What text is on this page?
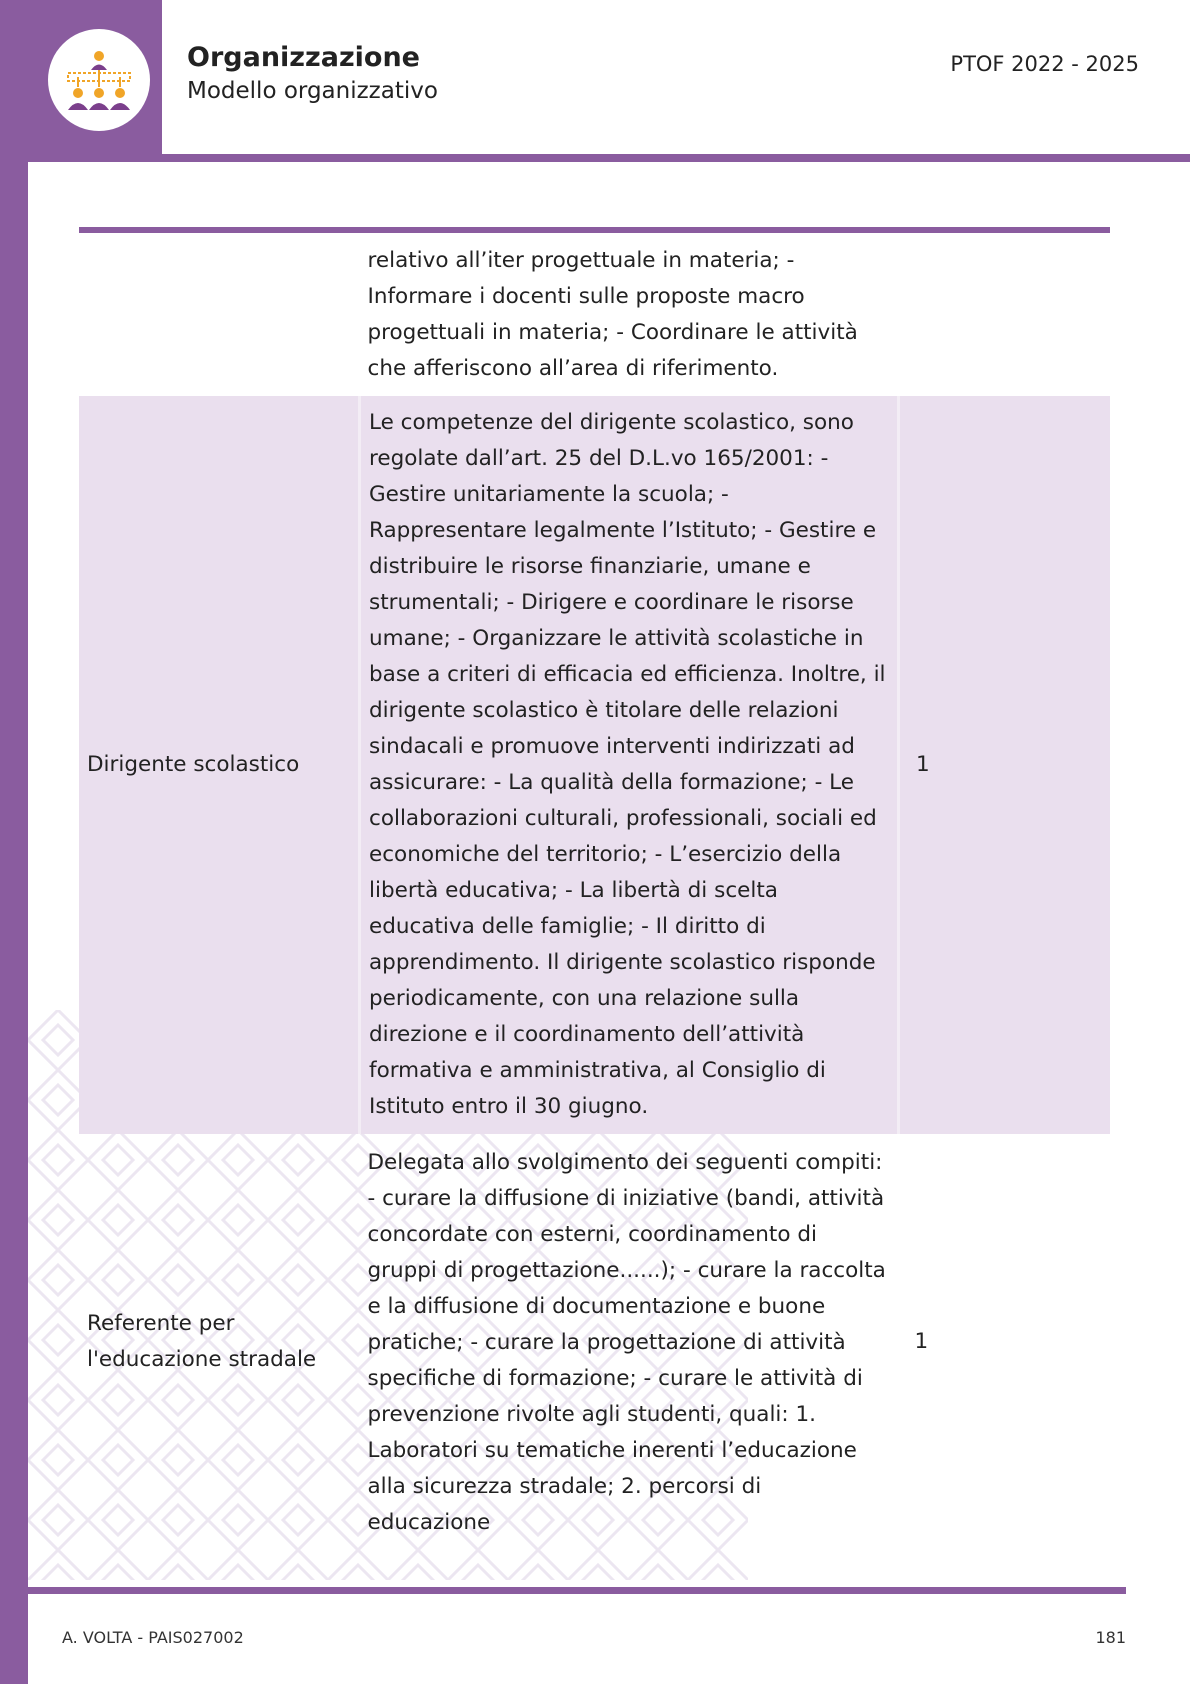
Organizzazione
Modello organizzativo
PTOF 2022 - 2025
	relativo all’iter progettuale in materia; - Informare i docenti sulle proposte macro progettuali in materia; - Coordinare le attività che afferiscono all’area di riferimento.	
Dirigente scolastico	Le competenze del dirigente scolastico, sono regolate dall’art. 25 del D.L.vo 165/2001: - Gestire unitariamente la scuola; - Rappresentare legalmente l’Istituto; - Gestire e distribuire le risorse finanziarie, umane e strumentali; - Dirigere e coordinare le risorse umane; - Organizzare le attività scolastiche in base a criteri di efficacia ed efficienza. Inoltre, il dirigente scolastico è titolare delle relazioni sindacali e promuove interventi indirizzati ad assicurare: - La qualità della formazione; - Le collaborazioni culturali, professionali, sociali ed economiche del territorio; - L’esercizio della libertà educativa; - La libertà di scelta educativa delle famiglie; - Il diritto di apprendimento. Il dirigente scolastico risponde periodicamente, con una relazione sulla direzione e il coordinamento dell’attività formativa e amministrativa, al Consiglio di Istituto entro il 30 giugno.	1
Referente per l'educazione stradale	Delegata allo svolgimento dei seguenti compiti: - curare la diffusione di iniziative (bandi, attività concordate con esterni, coordinamento di gruppi di progettazione......); - curare la raccolta e la diffusione di documentazione e buone pratiche; - curare la progettazione di attività specifiche di formazione; - curare le attività di prevenzione rivolte agli studenti, quali: 1. Laboratori su tematiche inerenti l’educazione alla sicurezza stradale; 2. percorsi di educazione	1
A. VOLTA - PAIS027002	181
